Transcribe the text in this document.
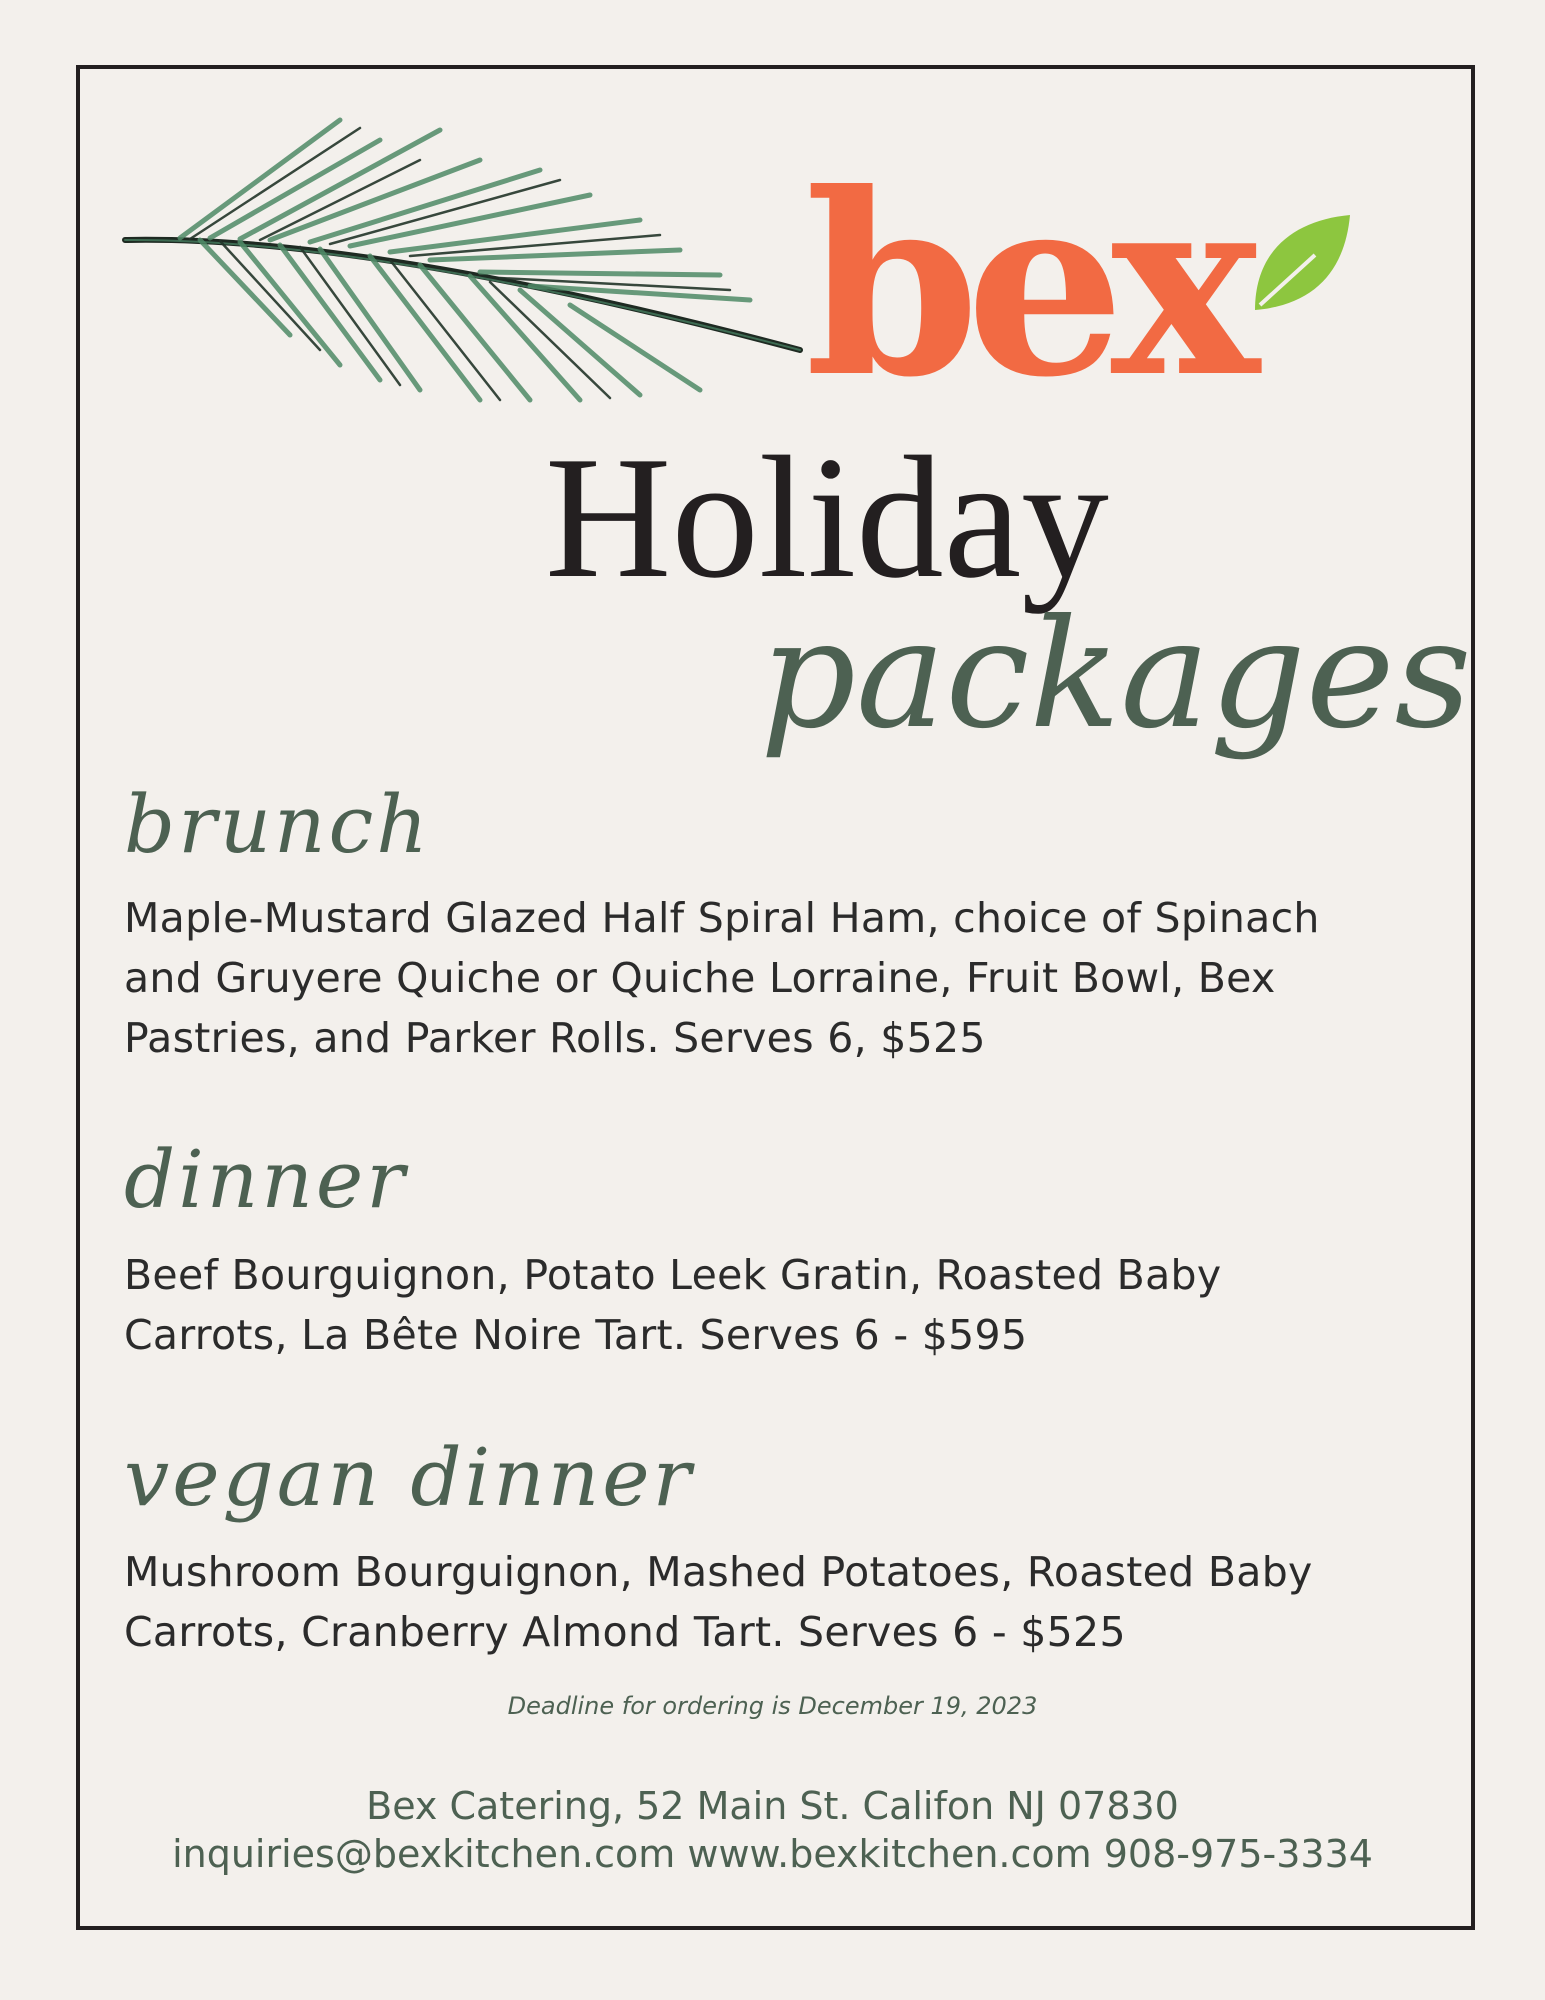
bex
Holiday
packages
brunch

Maple-Mustard Glazed Half Spiral Ham, choice of Spinach and Gruyere Quiche or Quiche Lorraine, Fruit Bowl, Bex Pastries, and Parker Rolls. Serves 6, $525

dinner

Beef Bourguignon, Potato Leek Gratin, Roasted Baby Carrots, La Bête Noire Tart. Serves 6 - $595

vegan dinner

Mushroom Bourguignon, Mashed Potatoes, Roasted Baby Carrots, Cranberry Almond Tart. Serves 6 - $525

Deadline for ordering is December 19, 2023
Bex Catering, 52 Main St. Califon NJ 07830
inquiries@bexkitchen.com www.bexkitchen.com 908-975-3334
